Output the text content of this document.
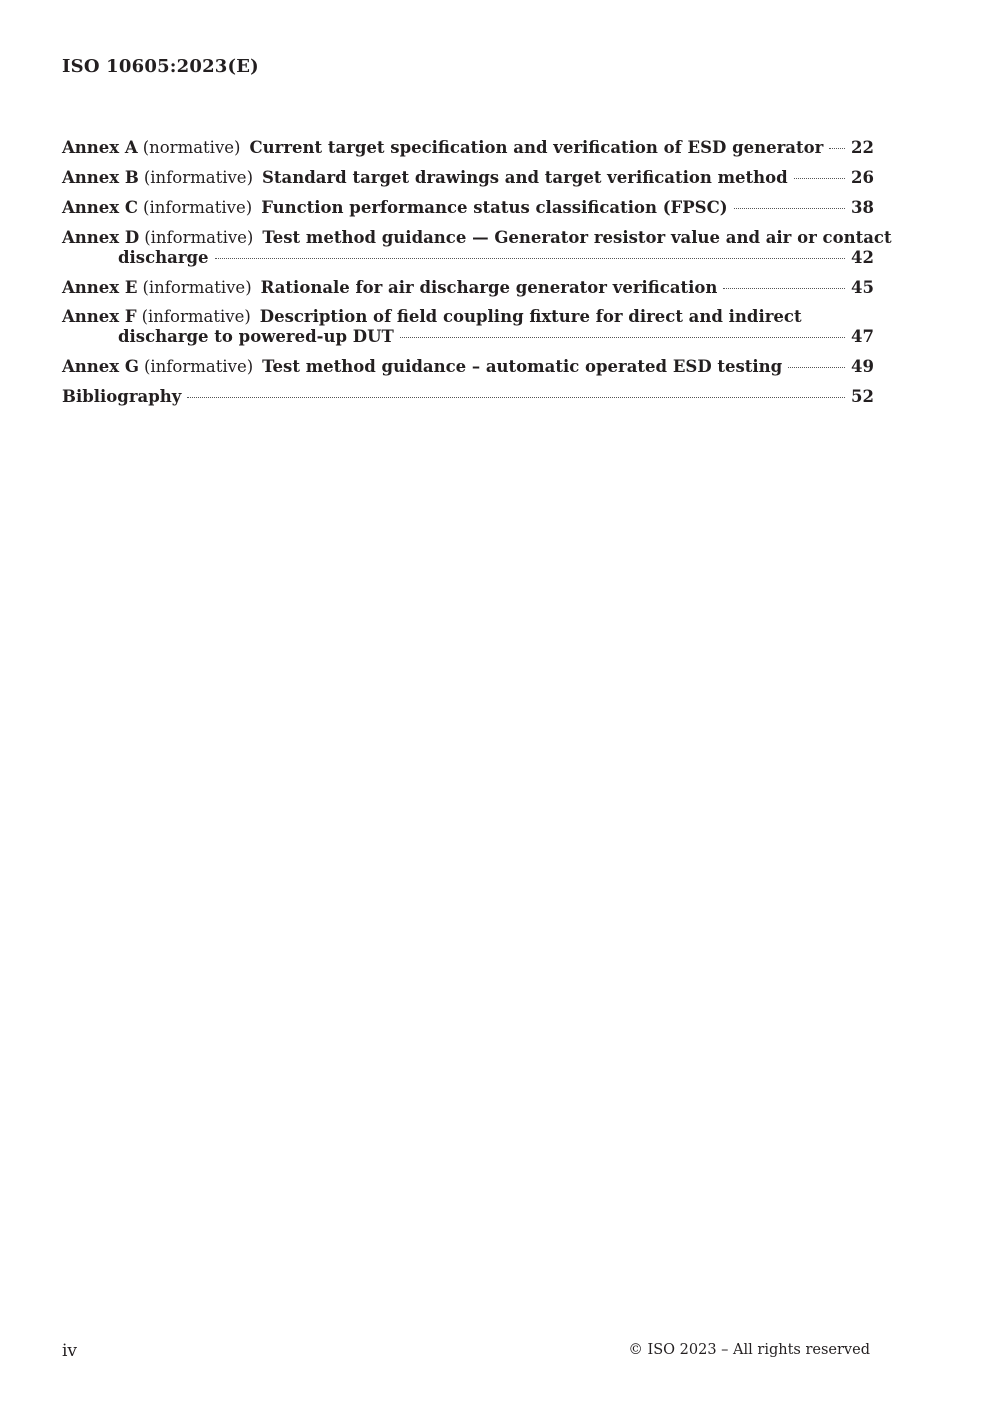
ISO 10605:2023(E)
Annex A (normative) Current target specification and verification of ESD generator 22
Annex B (informative) Standard target drawings and target verification method	26
Annex C (informative) Function performance status classification (FPSC)	38
Annex D (informative) Test method guidance — Generator resistor value and air or contact
discharge	42
Annex E (informative) Rationale for air discharge generator verification	45
Annex F (informative) Description of field coupling fixture for direct and indirect
discharge to powered-up DUT	47
Annex G (informative) Test method guidance – automatic operated ESD testing	49
Bibliography	52
iv	© ISO 2023 – All rights reserved
